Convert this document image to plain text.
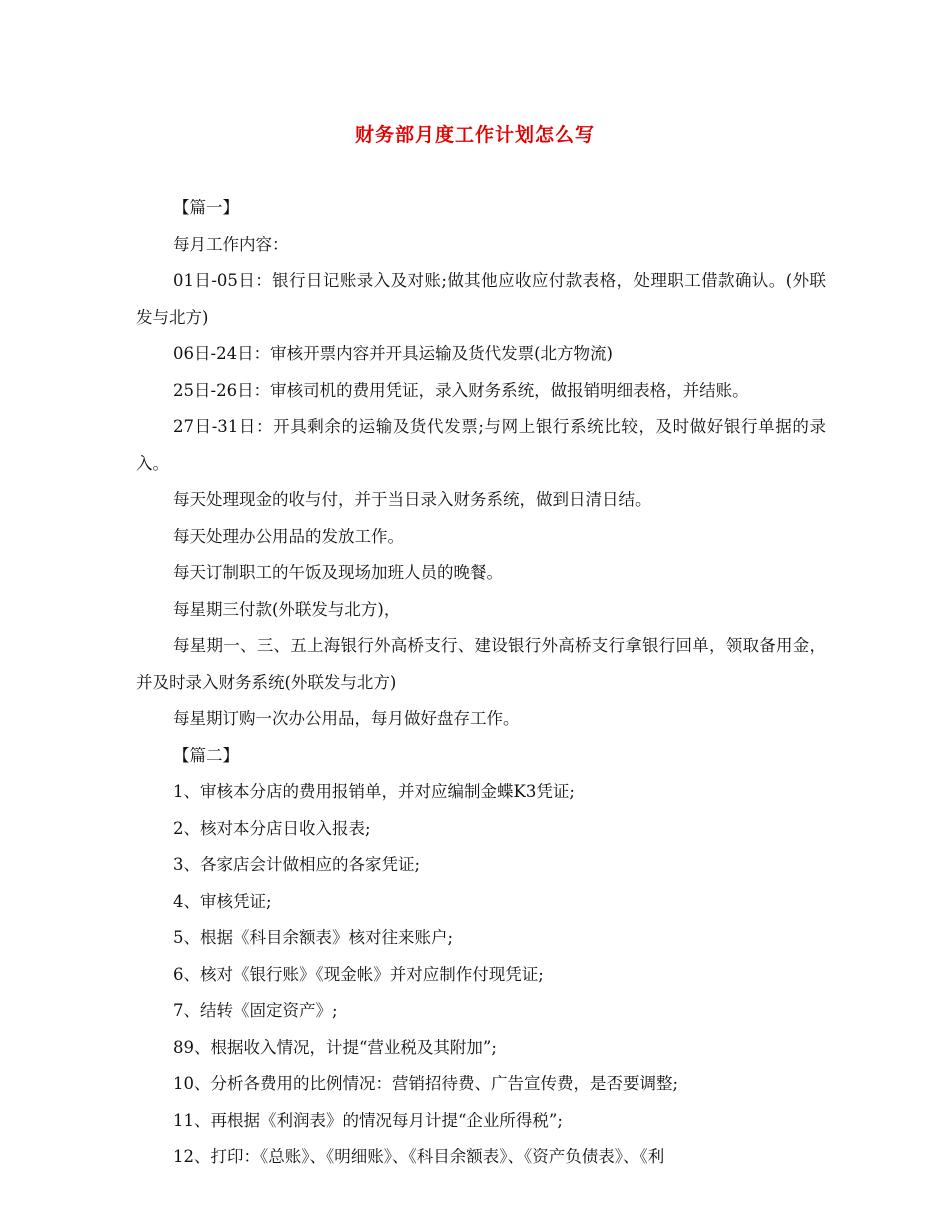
财务部月度工作计划怎么写

【篇一】

每月工作内容：

01日-05日：银行日记账录入及对账;做其他应收应付款表格，处理职工借款确认。(外联发与北方)

06日-24日：审核开票内容并开具运输及货代发票(北方物流)

25日-26日：审核司机的费用凭证，录入财务系统，做报销明细表格，并结账。

27日-31日：开具剩余的运输及货代发票;与网上银行系统比较，及时做好银行单据的录入。

每天处理现金的收与付，并于当日录入财务系统，做到日清日结。

每天处理办公用品的发放工作。

每天订制职工的午饭及现场加班人员的晚餐。

每星期三付款(外联发与北方)，

每星期一、三、五上海银行外高桥支行、建设银行外高桥支行拿银行回单，领取备用金，并及时录入财务系统(外联发与北方)

每星期订购一次办公用品，每月做好盘存工作。

【篇二】

1、审核本分店的费用报销单，并对应编制金蝶K3凭证;

2、核对本分店日收入报表;

3、各家店会计做相应的各家凭证;

4、审核凭证;

5、根据《科目余额表》核对往来账户;

6、核对《银行账》《现金帐》并对应制作付现凭证;

7、结转《固定资产》;

89、根据收入情况，计提“营业税及其附加”;

10、分析各费用的比例情况：营销招待费、广告宣传费，是否要调整;

11、再根据《利润表》的情况每月计提“企业所得税”;

12、打印：《总账》、《明细账》、《科目余额表》、《资产负债表》、《利
